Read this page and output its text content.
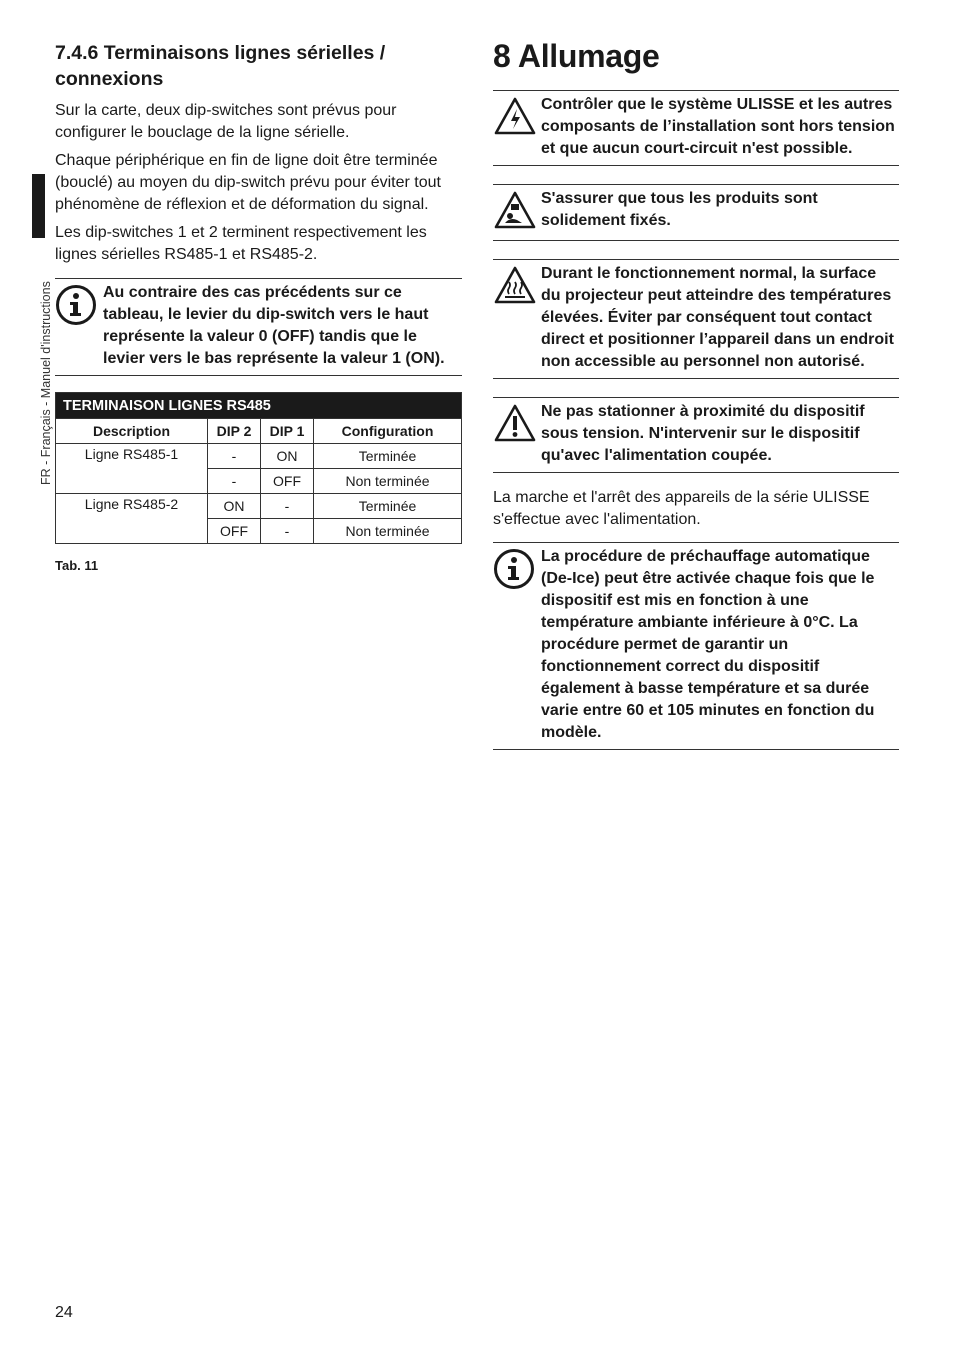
FR - Français - Manuel d'instructions
7.4.6 Terminaisons lignes sérielles / connexions

Sur la carte, deux dip-switches sont prévus pour configurer le bouclage de la ligne sérielle.

Chaque périphérique en fin de ligne doit être terminée (bouclé) au moyen du dip-switch prévu pour éviter tout phénomène de réflexion et de déformation du signal.

Les dip-switches 1 et 2 terminent respectivement les lignes sérielles RS485-1 et RS485-2.

Au contraire des cas précédents sur ce tableau, le levier du dip-switch vers le haut représente la valeur 0 (OFF) tandis que le levier vers le bas représente la valeur 1 (ON).
TERMINAISON LIGNES RS485			
Description	DIP 2	DIP 1	Configuration
Ligne RS485-1	-	ON	Terminée
	-	OFF	Non terminée
Ligne RS485-2	ON	-	Terminée
	OFF	-	Non terminée
Tab. 11
8 Allumage
Contrôler que le système ULISSE et les autres composants de l’installation sont hors tension et que aucun court-circuit n'est possible.
S'assurer que tous les produits sont solidement fixés.
Durant le fonctionnement normal, la surface du projecteur peut atteindre des températures élevées. Éviter par conséquent tout contact direct et positionner l’appareil dans un endroit non accessible au personnel non autorisé.
Ne pas stationner à proximité du dispositif sous tension. N'intervenir sur le dispositif qu'avec l'alimentation coupée.

La marche et l'arrêt des appareils de la série ULISSE s'effectue avec l'alimentation.

La procédure de préchauffage automatique (De-Ice) peut être activée chaque fois que le dispositif est mis en fonction à une température ambiante inférieure à 0°C. La procédure permet de garantir un fonctionnement correct du dispositif également à basse température et sa durée varie entre 60 et 105 minutes en fonction du modèle.
24
